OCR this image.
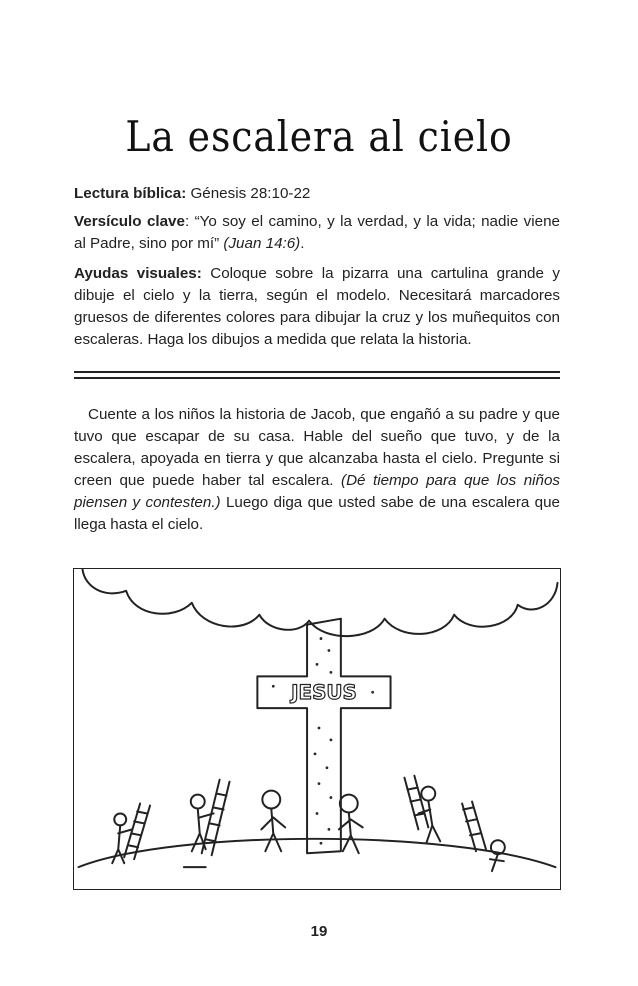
La escalera al cielo
Lectura bíblica: Génesis 28:10-22
Versículo clave: “Yo soy el camino, y la verdad, y la vida; nadie viene al Padre, sino por mí” (Juan 14:6).
Ayudas visuales: Coloque sobre la pizarra una cartulina grande y dibuje el cielo y la tierra, según el modelo. Necesitará marcadores gruesos de diferentes colores para dibujar la cruz y los muñequitos con escaleras. Haga los dibujos a medida que relata la historia.
Cuente a los niños la historia de Jacob, que engañó a su padre y que tuvo que escapar de su casa. Hable del sueño que tuvo, y de la escalera, apoyada en tierra y que alcanzaba hasta el cielo. Pregunte si creen que puede haber tal escalera. (Dé tiempo para que los niños piensen y contesten.) Luego diga que usted sabe de una escalera que llega hasta el cielo.
JESUS
19
